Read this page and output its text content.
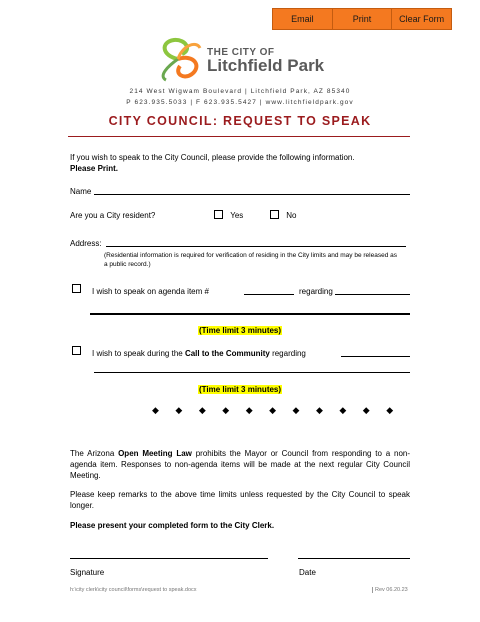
Email	Print	Clear Form
THE CITY OF
Litchfield Park
214 West Wigwam Boulevard | Litchfield Park, AZ 85340
P 623.935.5033 | F 623.935.5427 | www.litchfieldpark.gov
CITY COUNCIL: REQUEST TO SPEAK
If you wish to speak to the City Council, please provide the following information.
Please Print.
Name
Are you a City resident?	Yes	No
Address:
(Residential information is required for verification of residing in the City limits and may be released as a public record.)
I wish to speak on agenda item #	regarding
(Time limit 3 minutes)
I wish to speak during the Call to the Community regarding
(Time limit 3 minutes)
◆ ◆ ◆ ◆ ◆ ◆ ◆ ◆ ◆ ◆ ◆
The Arizona Open Meeting Law prohibits the Mayor or Council from responding to a non-agenda item. Responses to non-agenda items will be made at the next regular City Council Meeting.
Please keep remarks to the above time limits unless requested by the City Council to speak longer.
Please present your completed form to the City Clerk.
Signature	Date
h:\city clerk\city council\forms\request to speak.docx	Rev 06.20.23
